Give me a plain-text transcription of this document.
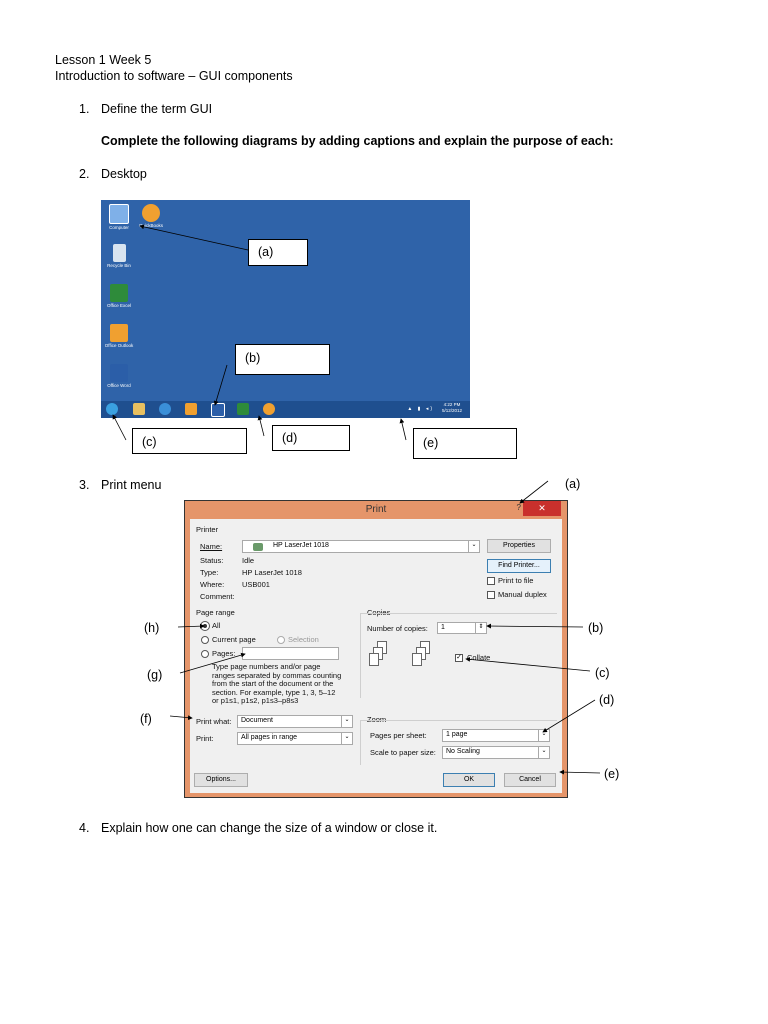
Lesson 1 Week 5
Introduction to software – GUI components
1. Define the term GUI
Complete the following diagrams by adding captions and explain the purpose of each:
2. Desktop
Computer	QuickBooks
Recycle Bin
Office Excel
Office Outlook
Office Word
▲ ▮ ◂)
4:22 PM
5/12/2012
(a)
(b)
(c)	(d)	(e)
3. Print menu
Print	?	✕
Printer
Name:	HP LaserJet 1018	⌄	Properties
Status: Idle
Type:	HP LaserJet 1018
Where: USB001
Comment:
Find Printer...
Print to file
Manual duplex
Page range
All
Current page	Selection
Pages:
Type page numbers and/or page
ranges separated by commas counting
from the start of the document or the
section. For example, type 1, 3, 5–12
or p1s1, p1s2, p1s3–p8s3
Copies
Number of copies:	1	⇕
✓ Collate
Print what:	Document	⌄
Print:	All pages in range	⌄
Zoom
Pages per sheet:	1 page	⌄
Scale to paper size:	No Scaling	⌄
Options...	OK	Cancel
(a)
(b)
(c)
(d)
(e)
(f)
(g)
(h)
4. Explain how one can change the size of a window or close it.
